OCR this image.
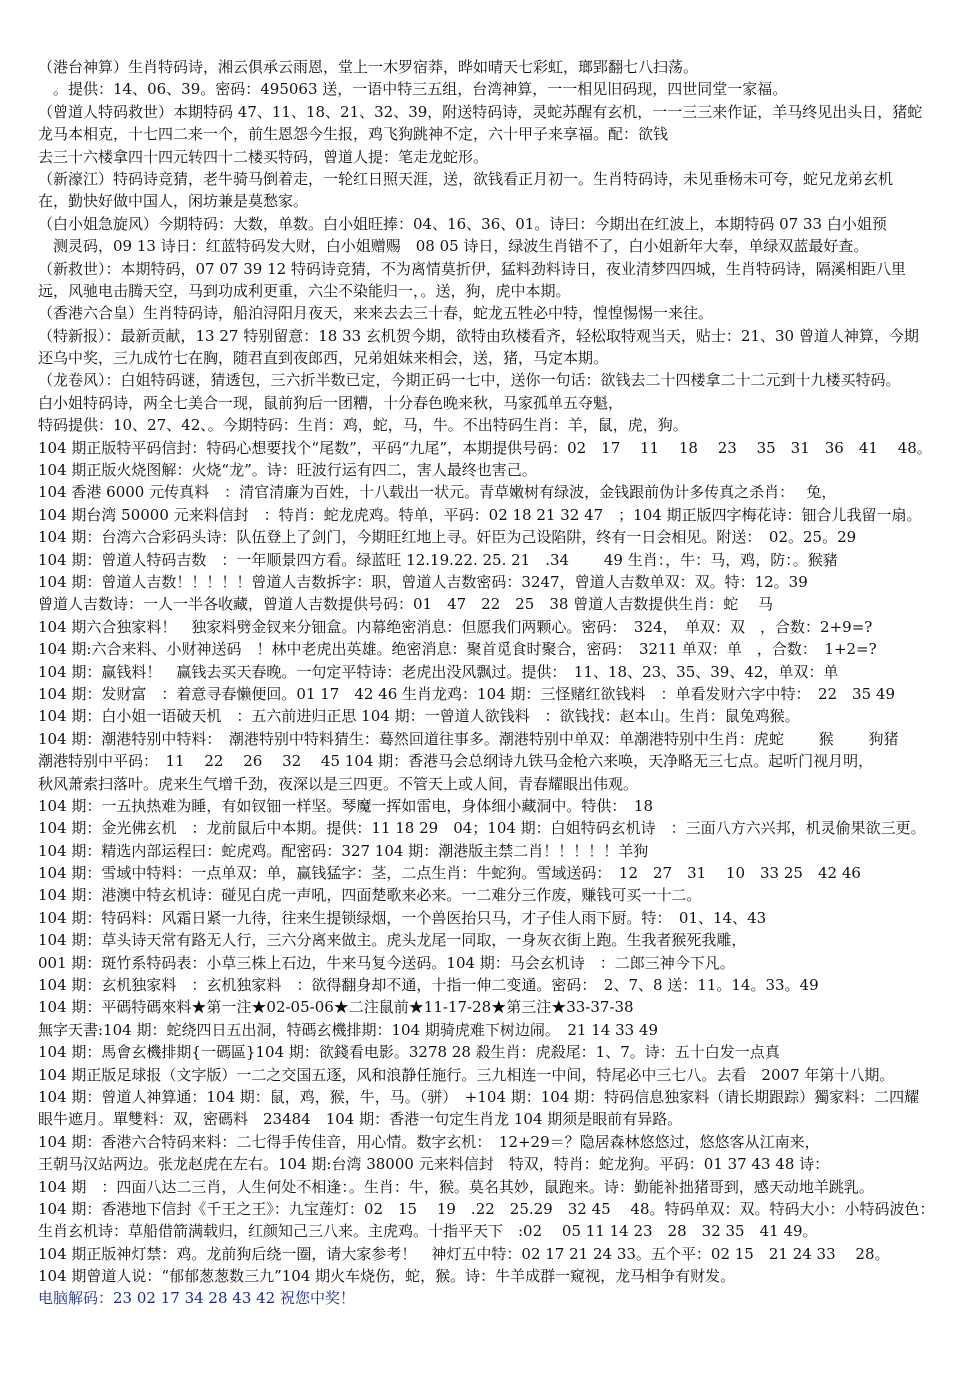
（港台神算）生肖特码诗，湘云俱承云雨恩，堂上一木罗宿莽，晔如晴天七彩虹，瑯郢翻七八扫荡。
　。提供：14、06、39。密码：495063 送，一语中特三五组，台湾神算，一一相见旧码现，四世同堂一家福。
（曾道人特码救世）本期特码 47、11、18、21、32、39，附送特码诗，灵蛇苏醒有玄机，一一三三来作证，羊马终见出头日，猪蛇
龙马本相克，十七四二来一个，前生恩怨今生报，鸡飞狗跳神不定，六十甲子来享福。配：欲钱
去三十六楼拿四十四元转四十二楼买特码，曾道人提：笔走龙蛇形。
（新濠江）特码诗竞猜，老牛骑马倒着走，一轮红日照天涯，送，欲钱看正月初一。生肖特码诗，未见垂杨未可夸，蛇兄龙弟玄机
在，勤快好做中国人，闲坊兼是莫愁家。
（白小姐急旋风）今期特码：大数，单数。白小姐旺捧：04、16、36、01。诗曰：今期出在红波上，本期特码 07 33 白小姐预
　测灵码，09 13 诗日：红蓝特码发大财，白小姐赠赐　08 05 诗日，绿波生肖错不了，白小姐新年大奉，单绿双蓝最好查。
（新救世）：本期特码，07 07 39 12 特码诗竞猜，不为离情莫折伊，猛料劲料诗日，夜业清梦四四城，生肖特码诗，隔溪相距八里
远，风驰电击腾天空，马到功成利更重，六尘不染能归一，。送，狗，虎中本期。
（香港六合皇）生肖特码诗，船泊浔阳月夜天，来来去去三十春，蛇龙五牲必中特，惶惶惕惕一来往。
（特新报）：最新贡献，13 27 特别留意：18 33 玄机贺今期，欲特由玖楼看齐，轻松取特观当天，贴士：21、30 曾道人神算，今期
还乌中奖，三九成竹七在胸，随君直到夜郎西，兄弟姐妹来相会，送，猪，马定本期。
（龙卷风）：白姐特码谜，猜透包，三六折半数已定，今期正码一七中，送你一句话：欲钱去二十四楼拿二十二元到十九楼买特码。
白小姐特码诗，两全七美合一现，鼠前狗后一团糟，十分春色晚来秋，马家孤单五夺魁，
特码提供：10、27、42、。今期特码：生肖：鸡，蛇，马，牛。不出特码生肖：羊，鼠，虎，狗。
104 期正版特平码信封：特码心想要找个“尾数”，平码“九尾”，本期提供号码：02　17　 11　 18　 23　 35　31　36　41　 48。
104 期正版火烧图解：火烧“龙”。诗：旺波行运有四二，害人最终也害己。
104 香港 6000 元传真料　：清官清廉为百姓，十八载出一状元。青草嫩树有绿波，金钱跟前伪计多传真之杀肖：　 兔，
104 期台湾 50000 元来料信封　：特肖：蛇龙虎鸡。特单，平码：02 18 21 32 47　；104 期正版四字梅花诗：钿合儿我留一扇。
104 期：台湾六合彩码头诗：队伍登上了剑门，今期旺红地上寻。奸臣为己设陷阱，终有一日会相见。附送：　02。25。29
104 期：曾道人特码吉数　：一年顺景四方看。绿蓝旺 12.19.22. 25. 21　.34　　 49 生肖：，牛：马，鸡，防：。猴豬
104 期：曾道人吉数！！！！！曾道人吉数拆字：职，曾道人吉数密码：3247，曾道人吉数单双：双。特：12。39
曾道人吉数诗：一人一半各收藏，曾道人吉数提供号码：01　47　22　25　38 曾道人吉数提供生肖：蛇　 马
104 期六合独家料！　独家料劈金钗来分钿盒。内幕绝密消息：但愿我们两颗心。密码：　324，　单双：双　，合数：2+9=?
104 期:六合来料、小财神送码　！林中老虎出英雄。绝密消息：聚首觅食时聚合，密码：　3211 单双：单　，合数：　1+2=?
104 期：赢钱料！　赢钱去买天春晚。一句定平特诗：老虎出没风飘过。提供：　11、18、23、35、39、42，单双：单
104 期：发财富　：着意寻春懒便回。01 17　42 46 生肖龙鸡：104 期：三怪赌红欲钱料　：单看发财六字中特：　22　35 49
104 期：白小姐一语破天机　：五六前进归正思 104 期：一曾道人欲钱料　：欲钱找：赵本山。生肖：鼠兔鸡猴。
104 期：潮港特别中特料：　潮港特别中特料猜生：蓦然回道往事多。潮港特别中单双：单潮港特别中生肖：虎蛇　　 猴　　 狗猪
潮港特别中平码：　11　 22　 26　 32　 45 104 期：香港马会总纲诗九铁马金枪六来唤，天净略无三七点。起听门视月明，
秋风萧索扫落叶。虎来生气增千劲，夜深以是三四更。不管天上或人间，青春耀眼出伟观。
104 期：一五执热难为睡，有如钗钿一样坚。琴魔一挥如雷电，身体细小藏洞中。特供：　18
104 期：金光佛玄机　：龙前鼠后中本期。提供：11 18 29　04；104 期：白姐特码玄机诗　：三面八方六兴邦，机灵偷果欲三更。
104 期：精选内部运程曰：蛇虎鸡。配密码：327 104 期：潮港版主禁二肖！！！！！羊狗
104 期：雪域中特料：一点单双：单，赢钱猛字：茎，二点生肖：牛蛇狗。雪域送码：　12　27　31　 10　33 25　42 46
104 期：港澳中特玄机诗：碰见白虎一声吼，四面楚歌来必来。一二难分三作废，赚钱可买一十二。
104 期：特码料：风霜日紧一九待，往来生提锁绿烟，一个兽医抬只马，才子佳人雨下厨。特：　01、14、43
104 期：草头诗天常有路无人行，三六分离来做主。虎头龙尾一同取，一身灰衣街上跑。生我者猴死我雕，
001 期：斑竹系特码表：小草三株上石边，牛来马复今送码。104 期：马会玄机诗　：二郎三神今下凡。
104 期：玄机独家料　：玄机独家料　：欲得翻身却不通，十指一伸二变通。密码：　2、7、8 送：11。14。33。49
104 期：平碼特碼來料★第一注★02-05-06★二注鼠前★11-17-28★第三注★33-37-38
無字天書:104 期：蛇绕四日五出洞，特碼玄機排期：104 期骑虎难下树边闹。　21 14 33 49
104 期：馬會玄機排期{一碼區}104 期：欲錢看电影。3278 28 殺生肖：虎殺尾：1、7。诗：五十白发一点真
104 期正版足球报（文字版）一二之交国五逐，风和浪静任施行。三九相连一中间，特尾必中三七八。去看　2007 年第十八期。
104 期：曾道人神算通：104 期：鼠，鸡，猴，牛，马。（骈）　+104 期：104 期：特码信息独家料（请长期跟踪）獨家料：二四耀
眼牛遮月。單雙料：双，密碼料　23484　104 期：香港一句定生肖龙 104 期须是眼前有异路。
104 期：香港六合特码来料：二七得手传佳音，用心情。数字玄机：　12+29＝？隐居森林悠悠过，悠悠客从江南来，
王朝马汉站两边。张龙赵虎在左右。104 期:台湾 38000 元来料信封　特双，特肖：蛇龙狗。平码：01 37 43 48 诗：
104 期　：四面八达二三肖，人生何处不相逢：。生肖：牛，猴。莫名其妙，鼠跑来。诗：勤能补拙猪哥到，感天动地羊跳乳。
104 期：香港地下信封《千王之王》：九宝莲灯：02　15　 19　.22　25.29　32 45　 48。特码单双：双。特码大小：小特码波色：
生肖玄机诗：草船借箭满载归，红颜知己三八来。主虎鸡。十指平天下　:02　 05 11 14 23　28　32 35　41 49。
104 期正版神灯禁：鸡。龙前狗后绕一圈，请大家参考！　神灯五中特：02 17 21 24 33。五个平：02 15　21 24 33　 28。
104 期曾道人说：“郁郁葱葱数三九”104 期火车烧伤，蛇，猴。诗：牛羊成群一窥视，龙马相争有财发。
电脑解码：23 02 17 34 28 43 42 祝您中奖！
